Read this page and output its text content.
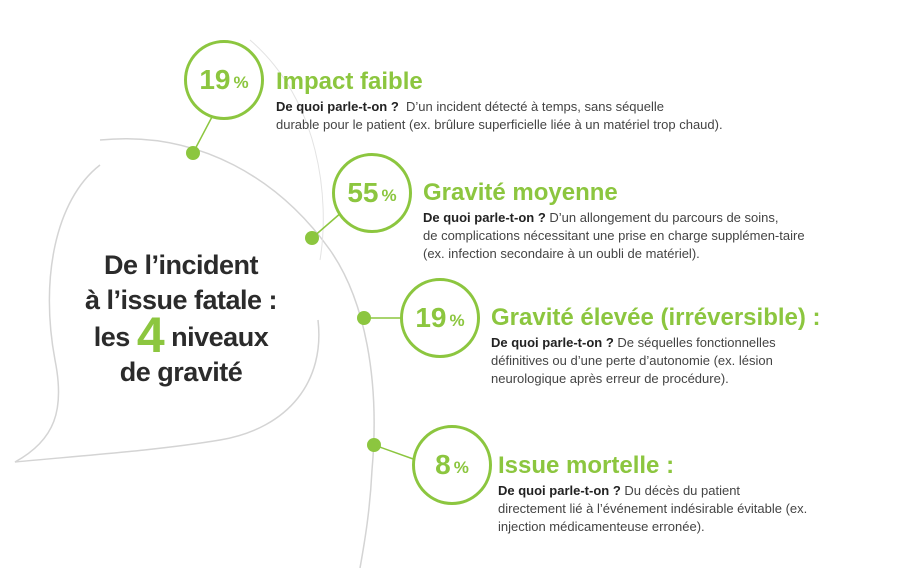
De l’incident
à l’issue fatale :
les 4 niveaux
de gravité
19 % Impact faible
De quoi parle-t-on ? D’un incident détecté à temps, sans séquelle
durable pour le patient (ex. brûlure superficielle liée à un matériel trop chaud).
55 % Gravité moyenne
De quoi parle-t-on ? D’un allongement du parcours de soins,
de complications nécessitant une prise en charge supplémen-taire (ex. infection secondaire à un oubli de matériel).
19 % Gravité élevée (irréversible) :
De quoi parle-t-on ? De séquelles fonctionnelles
définitives ou d’une perte d’autonomie (ex. lésion neurologique après erreur de procédure).
8 % Issue mortelle :
De quoi parle-t-on ? Du décès du patient
directement lié à l’événement indésirable évitable (ex. injection médicamenteuse erronée).
